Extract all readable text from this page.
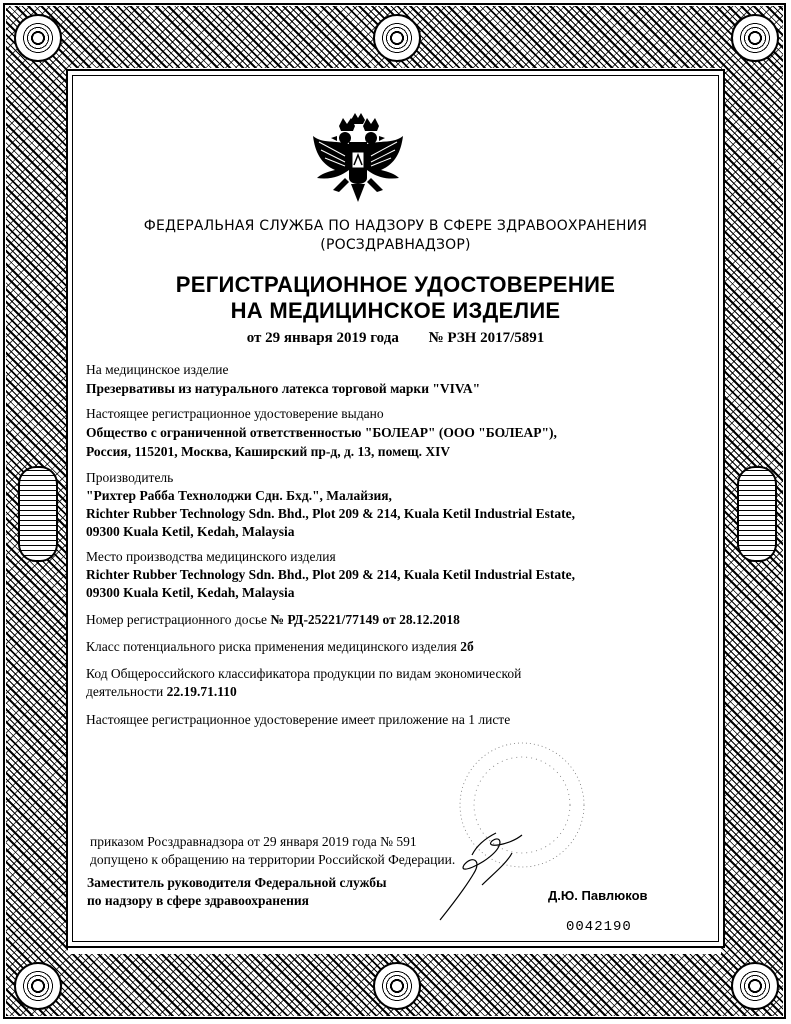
ФЕДЕРАЛЬНАЯ СЛУЖБА ПО НАДЗОРУ В СФЕРЕ ЗДРАВООХРАНЕНИЯ
(РОСЗДРАВНАДЗОР)
РЕГИСТРАЦИОННОЕ УДОСТОВЕРЕНИЕ
НА МЕДИЦИНСКОЕ ИЗДЕЛИЕ
от 29 января 2019 года № РЗН 2017/5891
На медицинское изделие
Презервативы из натурального латекса торговой марки "VIVA"
Настоящее регистрационное удостоверение выдано
Общество с ограниченной ответственностью "БОЛЕАР" (ООО "БОЛЕАР"),
Россия, 115201, Москва, Каширский пр-д, д. 13, помещ. XIV
Производитель
"Рихтер Рабба Технолоджи Сдн. Бхд.", Малайзия,
Richter Rubber Technology Sdn. Bhd., Plot 209 & 214, Kuala Ketil Industrial Estate,
09300 Kuala Ketil, Kedah, Malaysia
Место производства медицинского изделия
Richter Rubber Technology Sdn. Bhd., Plot 209 & 214, Kuala Ketil Industrial Estate,
09300 Kuala Ketil, Kedah, Malaysia
Номер регистрационного досье № РД-25221/77149 от 28.12.2018
Класс потенциального риска применения медицинского изделия 2б
Код Общероссийского классификатора продукции по видам экономической
деятельности 22.19.71.110
Настоящее регистрационное удостоверение имеет приложение на 1 листе
приказом Росздравнадзора от 29 января 2019 года № 591
допущено к обращению на территории Российской Федерации.
Заместитель руководителя Федеральной службы
по надзору в сфере здравоохранения	Д.Ю. Павлюков
0042190
